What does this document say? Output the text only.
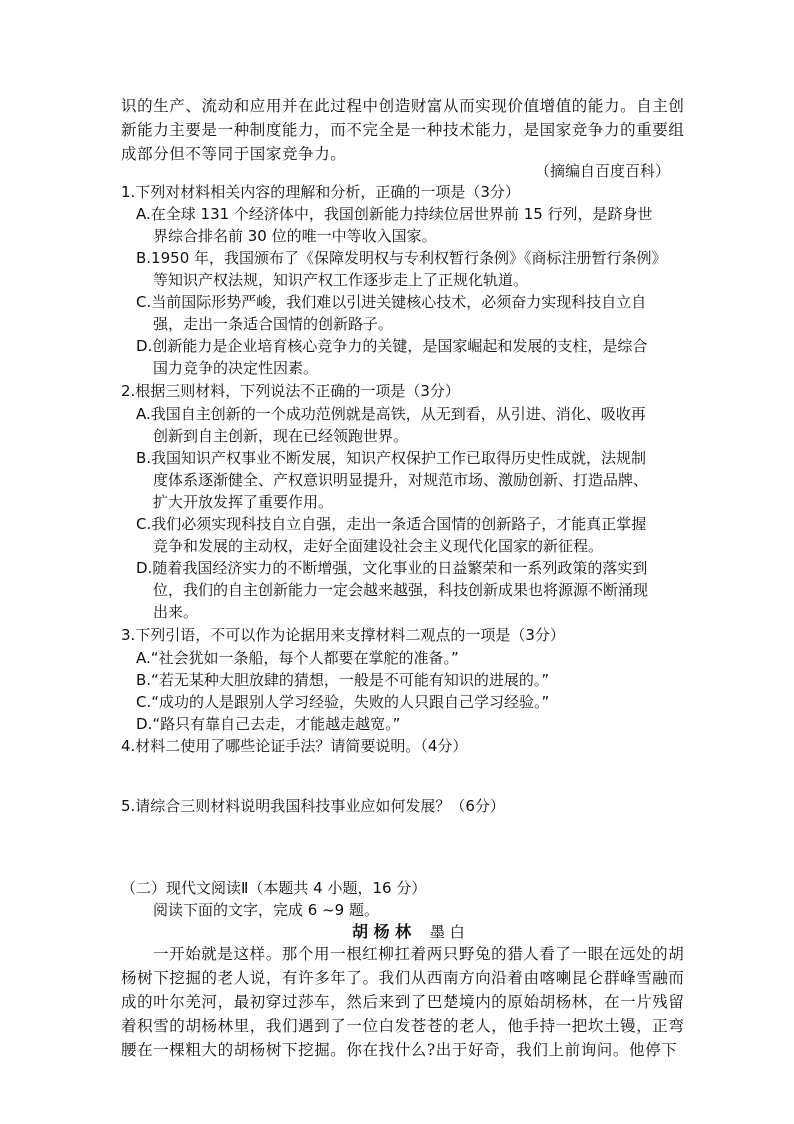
识的生产、流动和应用并在此过程中创造财富从而实现价值增值的能力。自主创
新能力主要是一种制度能力，而不完全是一种技术能力，是国家竞争力的重要组
成部分但不等同于国家竞争力。
（摘编自百度百科）
1.下列对材料相关内容的理解和分析，正确的一项是（3分）
A.在全球 131 个经济体中，我国创新能力持续位居世界前 15 行列，是跻身世
界综合排名前 30 位的唯一中等收入国家。
B.1950 年，我国颁布了《保障发明权与专利权暂行条例》《商标注册暂行条例》
等知识产权法规，知识产权工作逐步走上了正规化轨道。
C.当前国际形势严峻，我们难以引进关键核心技术，必须奋力实现科技自立自
强，走出一条适合国情的创新路子。
D.创新能力是企业培育核心竞争力的关键，是国家崛起和发展的支柱，是综合
国力竞争的决定性因素。
2.根据三则材料，下列说法不正确的一项是（3分）
A.我国自主创新的一个成功范例就是高铁，从无到看，从引进、消化、吸收再
创新到自主创新，现在已经领跑世界。
B.我国知识产权事业不断发展，知识产权保护工作已取得历史性成就，法规制
度体系逐渐健全、产权意识明显提升，对规范市场、激励创新、打造品牌、
扩大开放发挥了重要作用。
C.我们必须实现科技自立自强，走出一条适合国情的创新路子，才能真正掌握
竞争和发展的主动权，走好全面建设社会主义现代化国家的新征程。
D.随着我国经济实力的不断增强，文化事业的日益繁荣和一系列政策的落实到
位，我们的自主创新能力一定会越来越强，科技创新成果也将源源不断涌现
出来。
3.下列引语，不可以作为论据用来支撑材料二观点的一项是（3分）
A.“社会犹如一条船，每个人都要在掌舵的准备。”
B.“若无某种大胆放肆的猜想，一般是不可能有知识的进展的。”
C.“成功的人是跟别人学习经验，失败的人只跟自己学习经验。”
D.“路只有靠自己去走，才能越走越宽。”
4.材料二使用了哪些论证手法？请简要说明。（4分）
5.请综合三则材料说明我国科技事业应如何发展？（6分）
（二）现代文阅读Ⅱ（本题共 4 小题，16 分）
阅读下面的文字，完成 6 ~9 题。
胡 杨 林 墨 白
一开始就是这样。那个用一根红柳扛着两只野兔的猎人看了一眼在远处的胡
杨树下挖掘的老人说，有许多年了。我们从西南方向沿着由喀喇昆仑群峰雪融而
成的叶尔羌河，最初穿过莎车，然后来到了巴楚境内的原始胡杨林，在一片残留
着积雪的胡杨林里，我们遇到了一位白发苍苍的老人，他手持一把坎土镘，正弯
腰在一棵粗大的胡杨树下挖掘。你在找什么?出于好奇，我们上前询问。他停下
